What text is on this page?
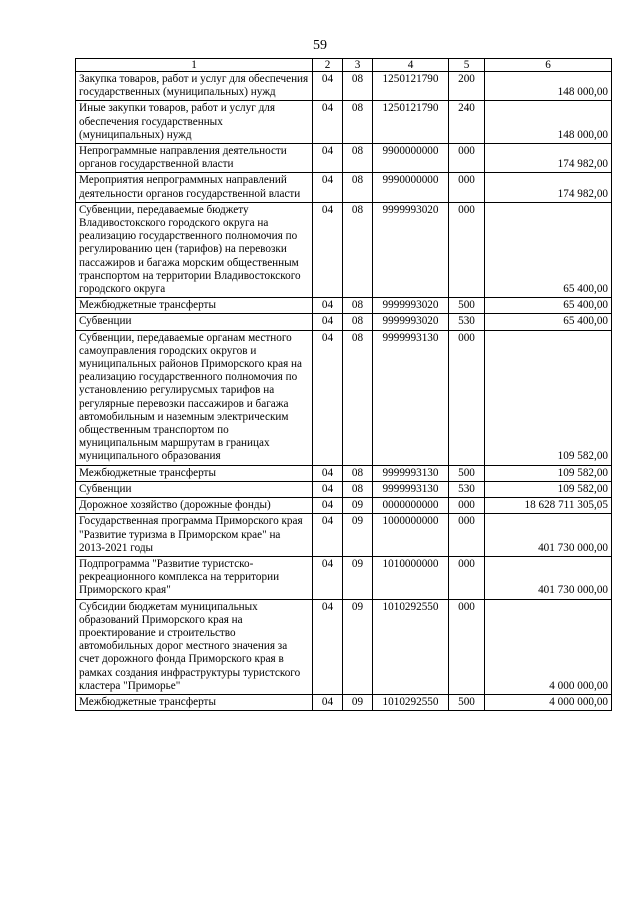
59
1	2	3	4	5	6
Закупка товаров, работ и услуг для обеспечения государственных (муниципальных) нужд	04	08	1250121790	200	148 000,00
Иные закупки товаров, работ и услуг для обеспечения государственных (муниципальных) нужд	04	08	1250121790	240	148 000,00
Непрограммные направления деятельности органов государственной власти	04	08	9900000000	000	174 982,00
Мероприятия непрограммных направлений деятельности органов государственной власти	04	08	9990000000	000	174 982,00
Субвенции, передаваемые бюджету Владивостокского городского округа на реализацию государственного полномочия по регулированию цен (тарифов) на перевозки пассажиров и багажа морским общественным транспортом на территории Владивостокского городского округа	04	08	9999993020	000	65 400,00
Межбюджетные трансферты	04	08	9999993020	500	65 400,00
Субвенции	04	08	9999993020	530	65 400,00
Субвенции, передаваемые органам местного самоуправления городских округов и муниципальных районов Приморского края на реализацию государственного полномочия по установлению регулирусмых тарифов на регулярные перевозки пассажиров и багажа автомобильным и наземным электрическим общественным транспортом по муниципальным маршрутам в границах муниципального образования	04	08	9999993130	000	109 582,00
Межбюджетные трансферты	04	08	9999993130	500	109 582,00
Субвенции	04	08	9999993130	530	109 582,00
Дорожное хозяйство (дорожные фонды)	04	09	0000000000	000	18 628 711 305,05
Государственная программа Приморского края "Развитие туризма в Приморском крае" на 2013-2021 годы	04	09	1000000000	000	401 730 000,00
Подпрограмма "Развитие туристско-рекреационного комплекса на территории Приморского края"	04	09	1010000000	000	401 730 000,00
Субсидии бюджетам муниципальных образований Приморского края на проектирование и строительство автомобильных дорог местного значения за счет дорожного фонда Приморского края в рамках создания инфраструктуры туристского кластера "Приморье"	04	09	1010292550	000	4 000 000,00
Межбюджетные трансферты	04	09	1010292550	500	4 000 000,00
